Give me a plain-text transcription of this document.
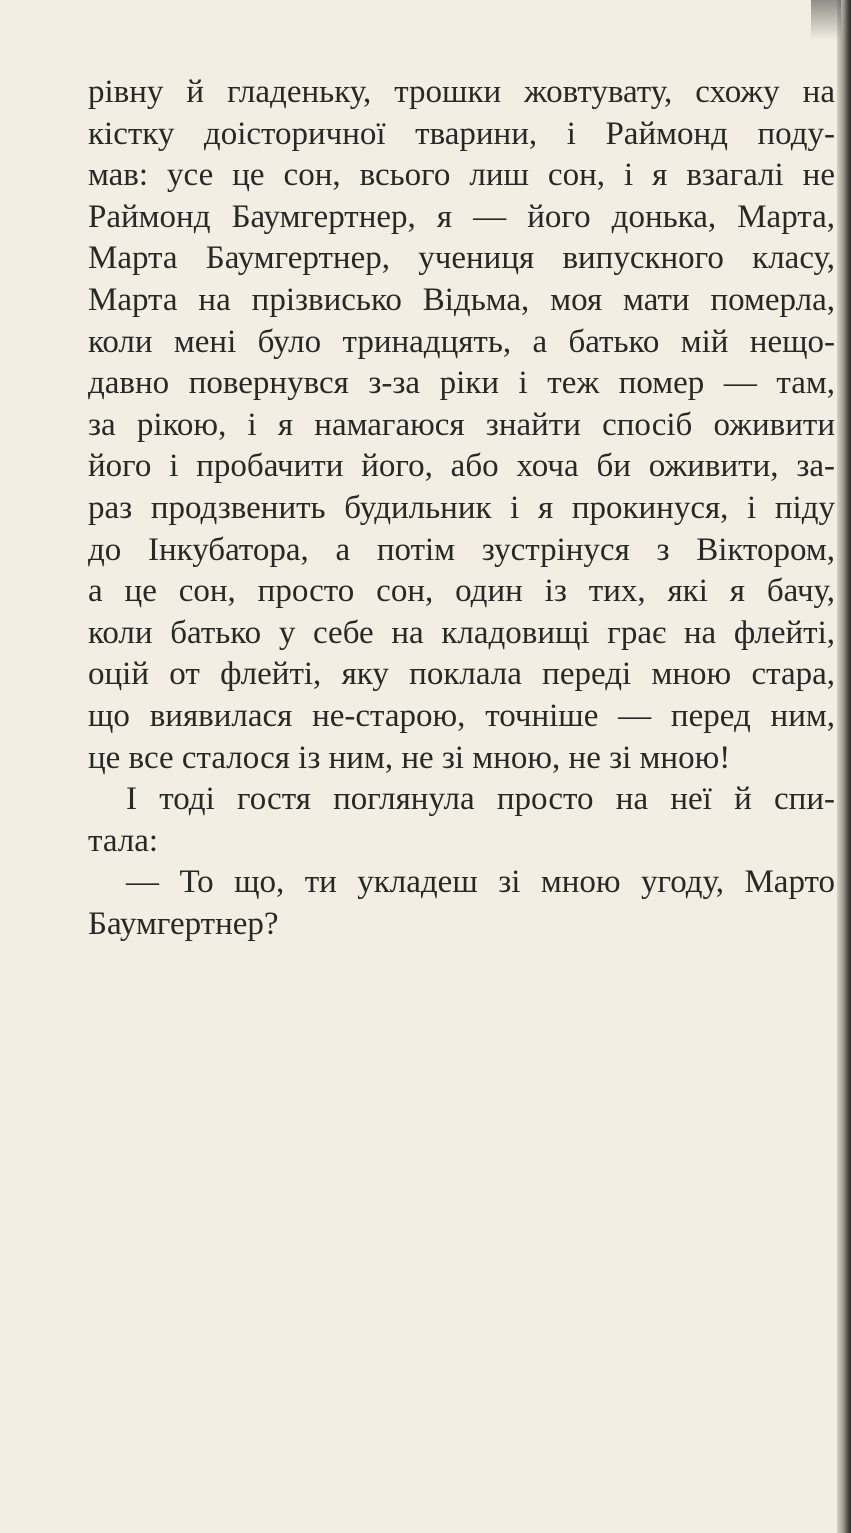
рівну й гладеньку, трошки жовтувату, схожу на
кістку доісторичної тварини, і Раймонд поду-
мав: усе це сон, всього лиш сон, і я взагалі не
Раймонд Баумгертнер, я — його донька, Марта,
Марта Баумгертнер, учениця випускного класу,
Марта на прізвисько Відьма, моя мати померла,
коли мені було тринадцять, а батько мій нещо-
давно повернувся з-за ріки і теж помер — там,
за рікою, і я намагаюся знайти спосіб оживити
його і пробачити його, або хоча би оживити, за-
раз продзвенить будильник і я прокинуся, і піду
до Інкубатора, а потім зустрінуся з Віктором,
а це сон, просто сон, один із тих, які я бачу,
коли батько у себе на кладовищі грає на флейті,
оцій от флейті, яку поклала переді мною стара,
що виявилася не-старою, точніше — перед ним,
це все сталося із ним, не зі мною, не зі мною!
І тоді гостя поглянула просто на неї й спи-
тала:
— То що, ти укладеш зі мною угоду, Марто
Баумгертнер?
